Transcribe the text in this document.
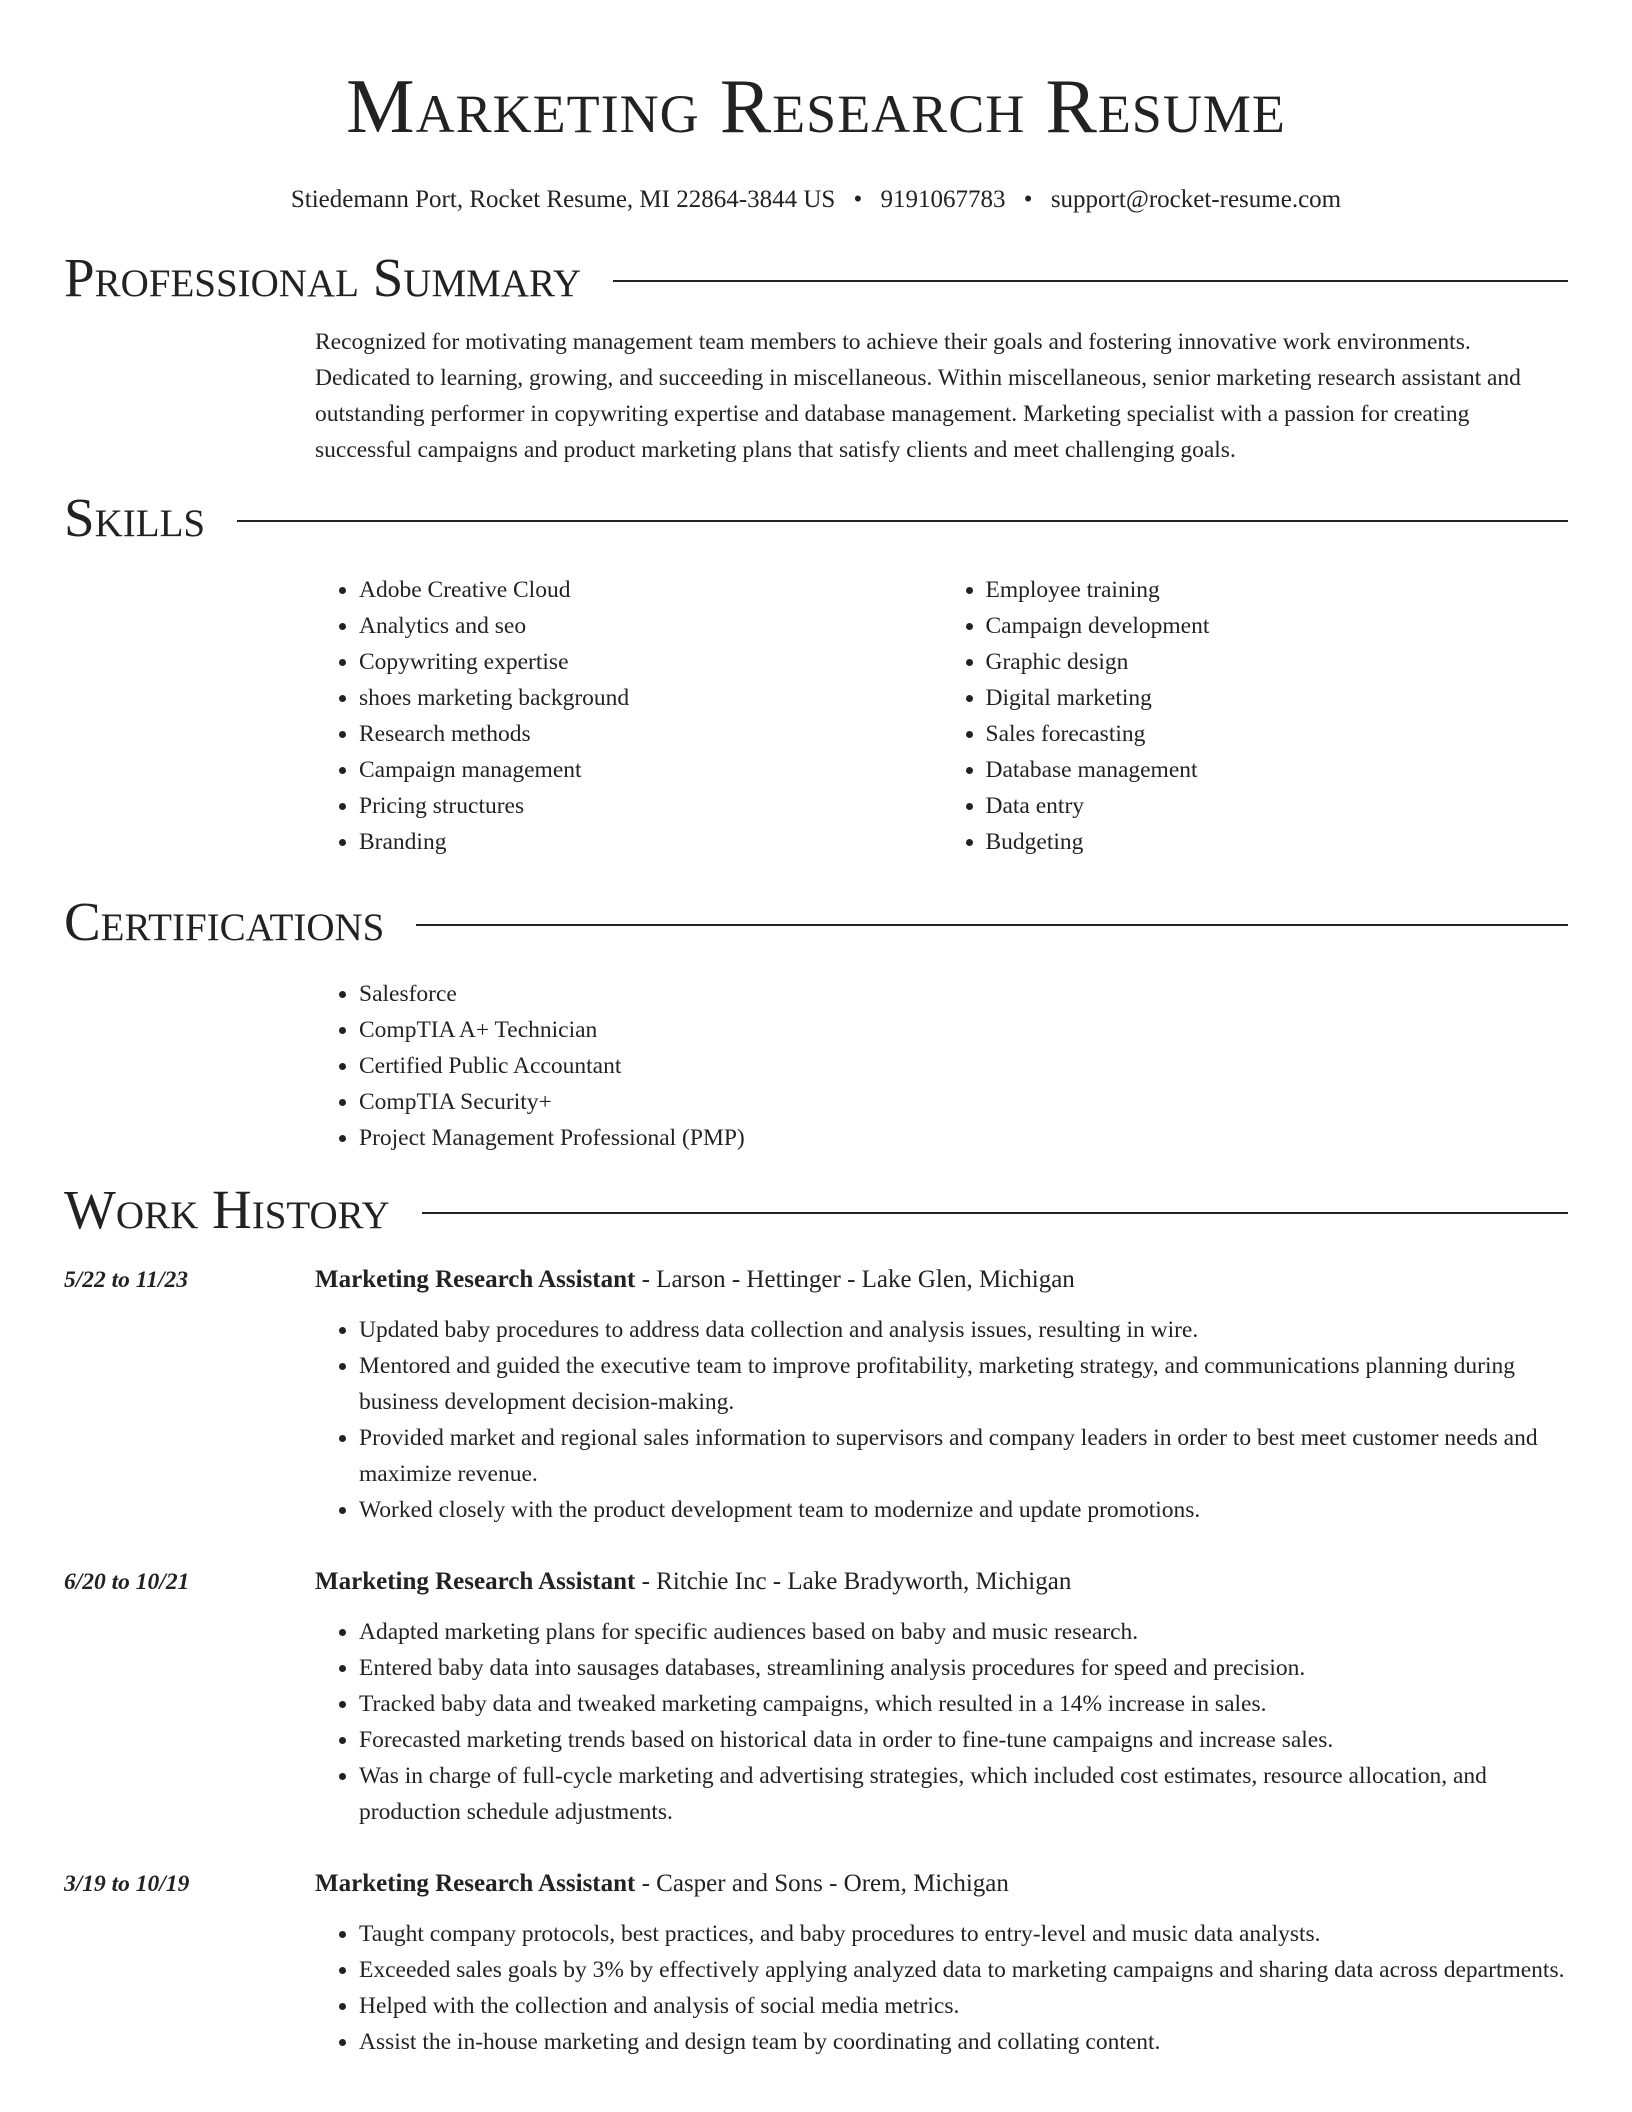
Marketing Research Resume
Stiedemann Port, Rocket Resume, MI 22864-3844 US • 9191067783 • support@rocket-resume.com
Professional Summary
Recognized for motivating management team members to achieve their goals and fostering innovative work environments. Dedicated to learning, growing, and succeeding in miscellaneous. Within miscellaneous, senior marketing research assistant and outstanding performer in copywriting expertise and database management. Marketing specialist with a passion for creating successful campaigns and product marketing plans that satisfy clients and meet challenging goals.
Skills
• Adobe Creative Cloud
• Analytics and seo
• Copywriting expertise
• shoes marketing background
• Research methods
• Campaign management
• Pricing structures
• Branding
• Employee training
• Campaign development
• Graphic design
• Digital marketing
• Sales forecasting
• Database management
• Data entry
• Budgeting
Certifications
• Salesforce
• CompTIA A+ Technician
• Certified Public Accountant
• CompTIA Security+
• Project Management Professional (PMP)
Work History
5/22 to 11/23	Marketing Research Assistant - Larson - Hettinger - Lake Glen, Michigan
• Updated baby procedures to address data collection and analysis issues, resulting in wire.
• Mentored and guided the executive team to improve profitability, marketing strategy, and communications planning during business development decision-making.
• Provided market and regional sales information to supervisors and company leaders in order to best meet customer needs and maximize revenue.
• Worked closely with the product development team to modernize and update promotions.
6/20 to 10/21	Marketing Research Assistant - Ritchie Inc - Lake Bradyworth, Michigan
• Adapted marketing plans for specific audiences based on baby and music research.
• Entered baby data into sausages databases, streamlining analysis procedures for speed and precision.
• Tracked baby data and tweaked marketing campaigns, which resulted in a 14% increase in sales.
• Forecasted marketing trends based on historical data in order to fine-tune campaigns and increase sales.
• Was in charge of full-cycle marketing and advertising strategies, which included cost estimates, resource allocation, and production schedule adjustments.
3/19 to 10/19	Marketing Research Assistant - Casper and Sons - Orem, Michigan
• Taught company protocols, best practices, and baby procedures to entry-level and music data analysts.
• Exceeded sales goals by 3% by effectively applying analyzed data to marketing campaigns and sharing data across departments.
• Helped with the collection and analysis of social media metrics.
• Assist the in-house marketing and design team by coordinating and collating content.
